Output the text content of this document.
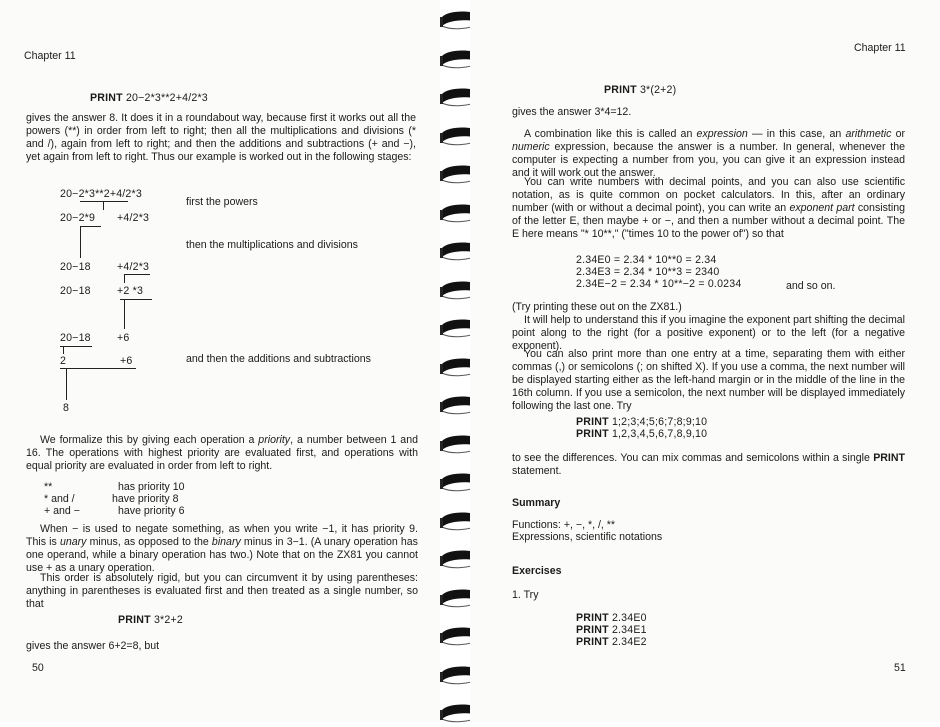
Chapter 11
PRINT 20−2*3**2+4/2*3
gives the answer 8. It does it in a roundabout way, because first it works out all the powers (**) in order from left to right; then all the multiplications and divisions (* and /), again from left to right; and then the additions and subtractions (+ and −), yet again from left to right. Thus our example is worked out in the following stages:
20−2*3**2+4/2*3
first the powers
20−2*9 +4/2*3
then the multiplications and divisions
20−18 +4/2*3
20−18 +2 *3
20−18 +6
2	+6	and then the additions and subtractions
8
We formalize this by giving each operation a priority, a number between 1 and 16. The operations with highest priority are evaluated first, and operations with equal priority are evaluated in order from left to right.
**	has priority 10
* and /	have priority 8
+ and −	have priority 6
When − is used to negate something, as when you write −1, it has priority 9. This is unary minus, as opposed to the binary minus in 3−1. (A unary operation has one operand, while a binary operation has two.) Note that on the ZX81 you cannot use + as a unary operation.
This order is absolutely rigid, but you can circumvent it by using parentheses: anything in parentheses is evaluated first and then treated as a single number, so that
PRINT 3*2+2
gives the answer 6+2=8, but
50
Chapter 11
PRINT 3*(2+2)
gives the answer 3*4=12.
A combination like this is called an expression — in this case, an arithmetic or numeric expression, because the answer is a number. In general, whenever the computer is expecting a number from you, you can give it an expression instead and it will work out the answer.
You can write numbers with decimal points, and you can also use scientific notation, as is quite common on pocket calculators. In this, after an ordinary number (with or without a decimal point), you can write an exponent part consisting of the letter E, then maybe + or −, and then a number without a decimal point. The E here means "* 10**," ("times 10 to the power of") so that
2.34E0 = 2.34 * 10**0 = 2.34
2.34E3 = 2.34 * 10**3 = 2340
2.34E−2 = 2.34 * 10**−2 = 0.0234	and so on.
(Try printing these out on the ZX81.)
It will help to understand this if you imagine the exponent part shifting the decimal point along to the right (for a positive exponent) or to the left (for a negative exponent).
You can also print more than one entry at a time, separating them with either commas (,) or semicolons (; on shifted X). If you use a comma, the next number will be displayed starting either as the left-hand margin or in the middle of the line in the 16th column. If you use a semicolon, the next number will be displayed immediately following the last one. Try
PRINT 1;2;3;4;5;6;7;8;9;10
PRINT 1,2,3,4,5,6,7,8,9,10
to see the differences. You can mix commas and semicolons within a single PRINT statement.
Summary
Functions: +, −, *, /, **
Expressions, scientific notations
Exercises
1. Try
PRINT 2.34E0
PRINT 2.34E1
PRINT 2.34E2
51
